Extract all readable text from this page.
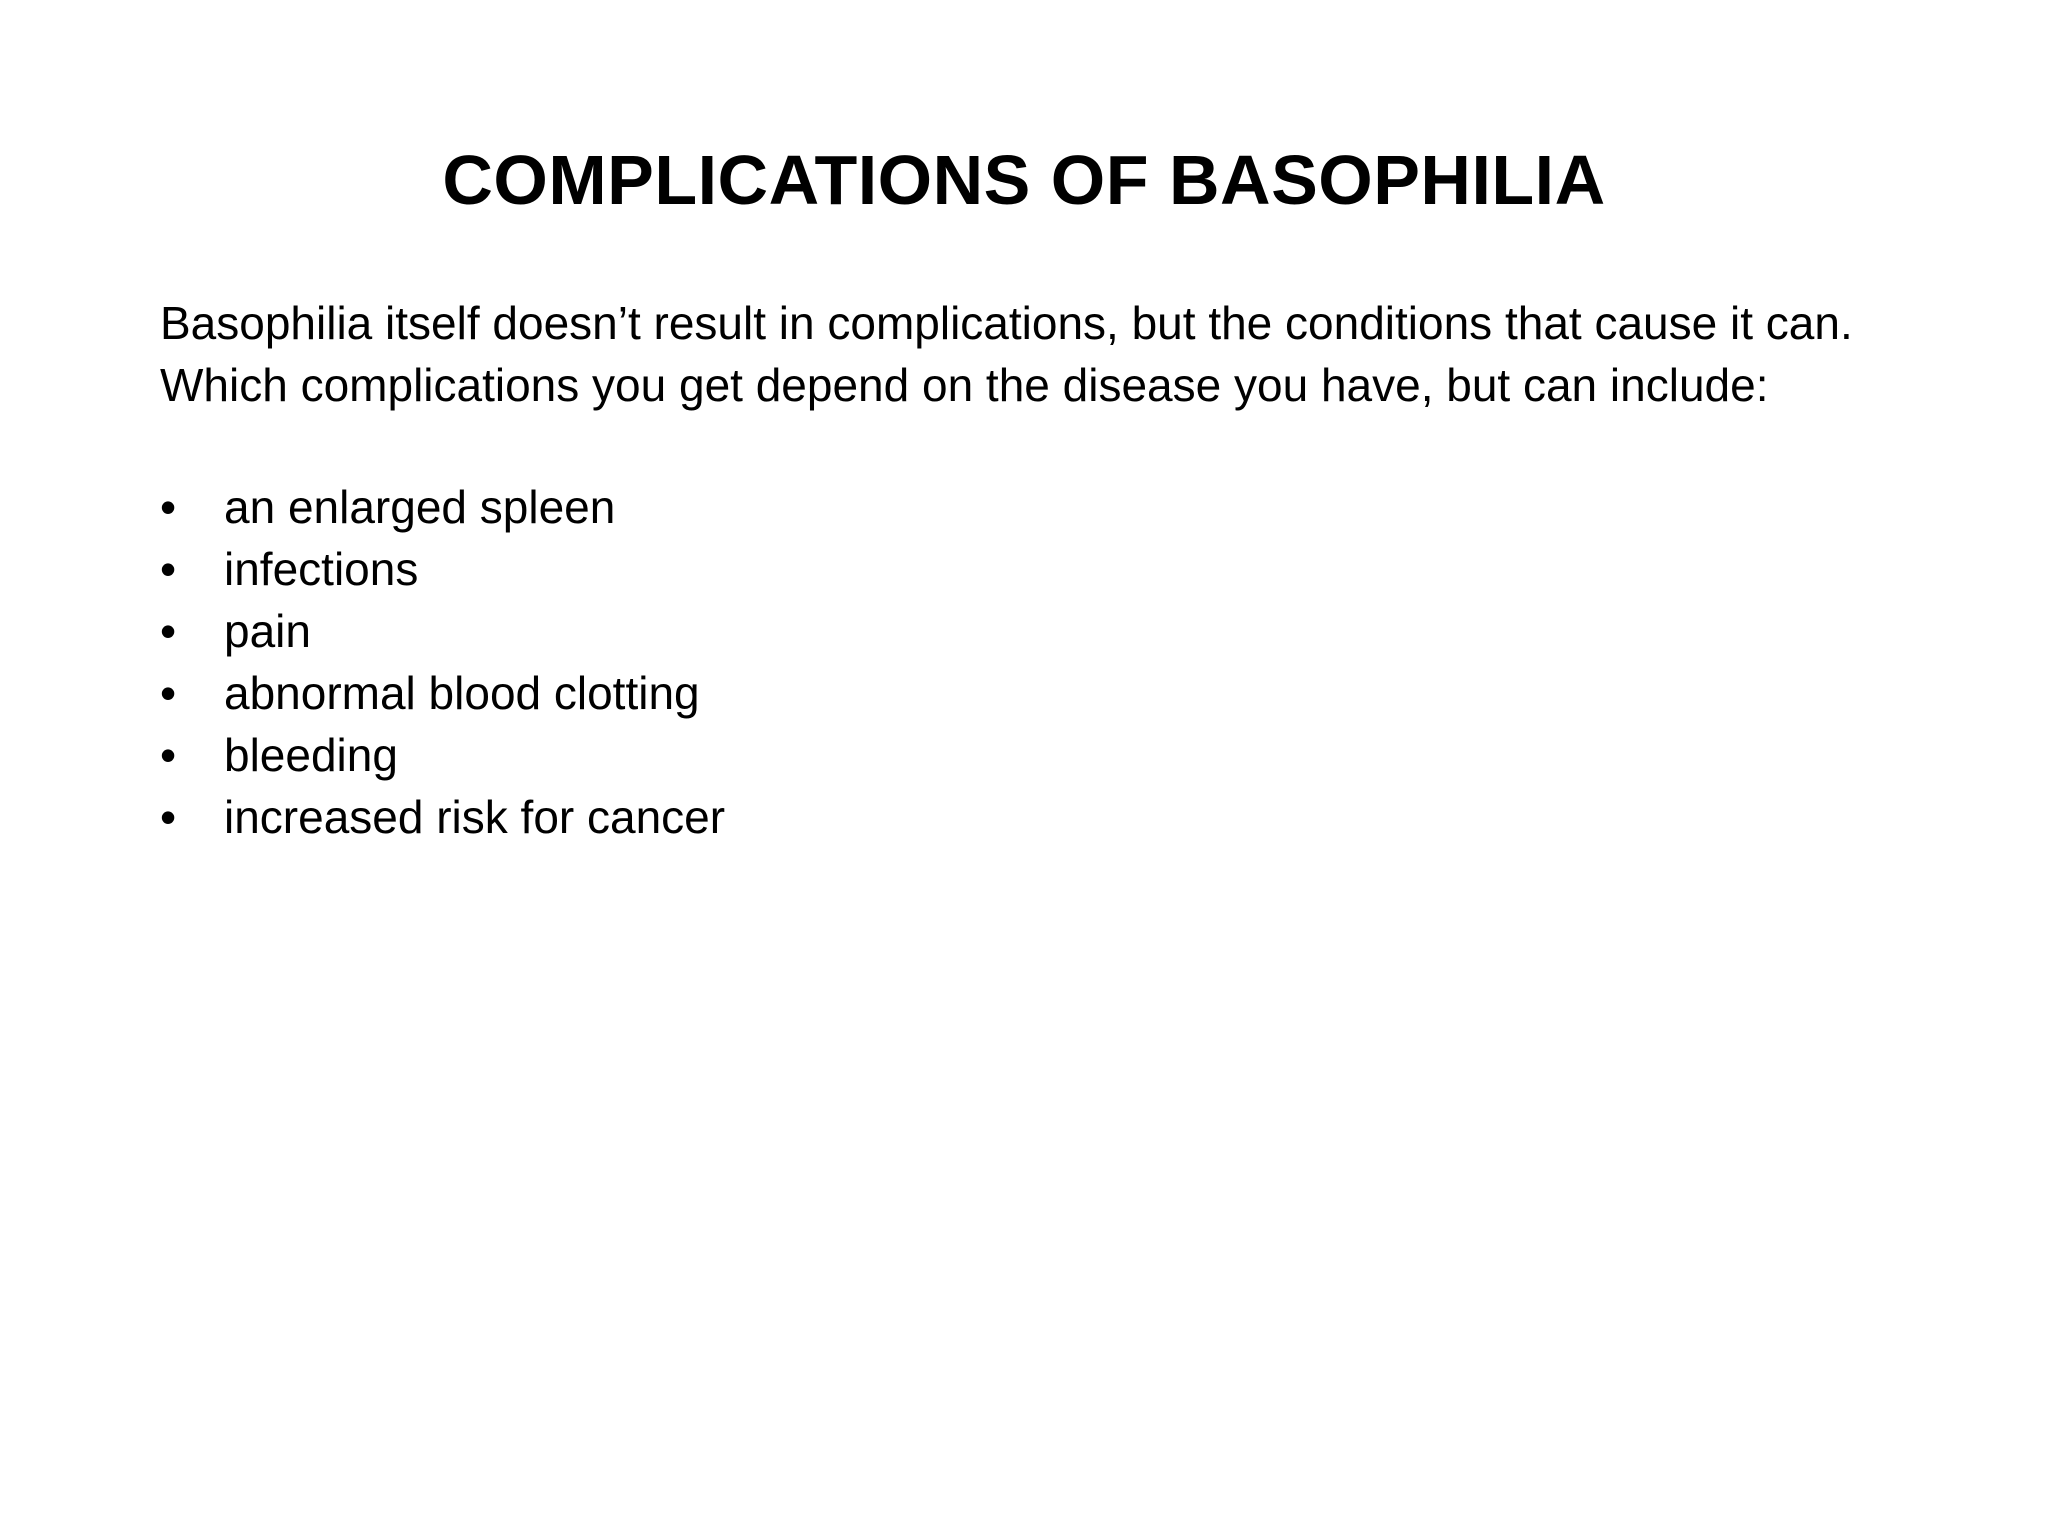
COMPLICATIONS OF BASOPHILIA

Basophilia itself doesn’t result in complications, but the conditions that cause it can. Which complications you get depend on the disease you have, but can include:

•	an enlarged spleen
•	infections
•	pain
•	abnormal blood clotting
•	bleeding
•	increased risk for cancer
